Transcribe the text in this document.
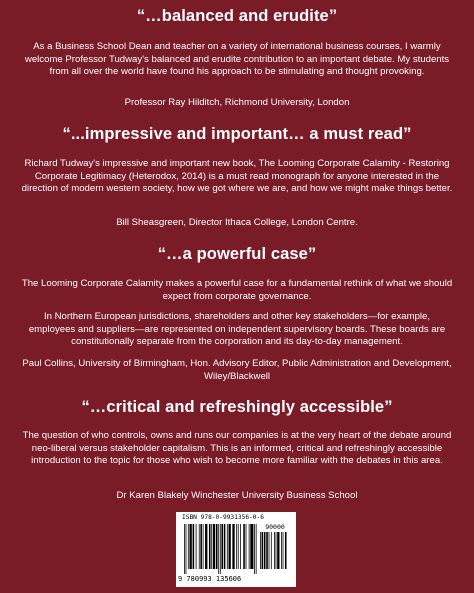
“…balanced and erudite”
As a Business School Dean and teacher on a variety of international business courses, I warmly welcome Professor Tudway's balanced and erudite contribution to an important debate. My students from all over the world have found his approach to be stimulating and thought provoking.
Professor Ray Hilditch, Richmond University, London
“...impressive and important… a must read”
Richard Tudway's impressive and important new book, The Looming Corporate Calamity - Restoring Corporate Legitimacy (Heterodox, 2014) is a must read monograph for anyone interested in the direction of modern western society, how we got where we are, and how we might make things better.
Bill Sheasgreen, Director Ithaca College, London Centre.
“…a powerful case”
The Looming Corporate Calamity makes a powerful case for a fundamental rethink of what we should expect from corporate governance.
In Northern European jurisdictions, shareholders and other key stakeholders—for example, employees and suppliers—are represented on independent supervisory boards. These boards are constitutionally separate from the corporation and its day-to-day management.
Paul Collins, University of Birmingham, Hon. Advisory Editor, Public Administration and Development, Wiley/Blackwell
“…critical and refreshingly accessible”
The question of who controls, owns and runs our companies is at the very heart of the debate around neo-liberal versus stakeholder capitalism. This is an informed, critical and refreshingly accessible introduction to the topic for those who wish to become more familiar with the debates in this area.
Dr Karen Blakely Winchester University Business School
ISBN 978-0-9931356-0-6
90000
9 780993 135606
